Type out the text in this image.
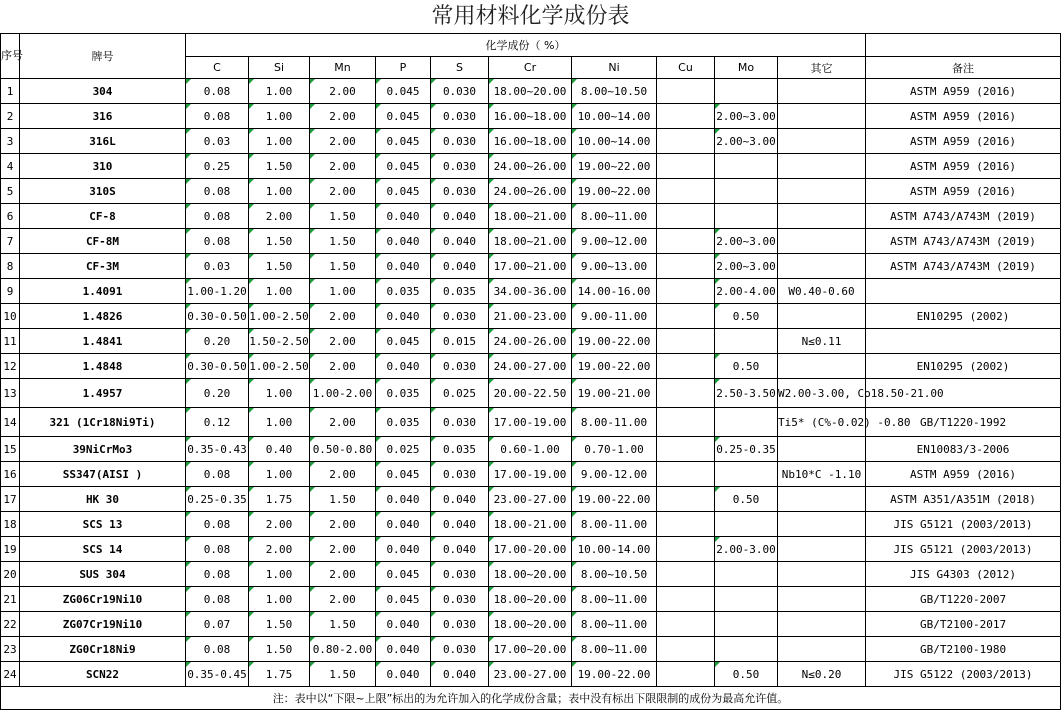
常用材料化学成份表
序号	牌号	化学成份（ %）										
		C	Si	Mn	P	S	Cr	Ni	Cu	Mo	其它	备注
1	304	0.08	1.00	2.00	0.045	0.030	18.00~20.00	8.00~10.50				ASTM A959 (2016)
2	316	0.08	1.00	2.00	0.045	0.030	16.00~18.00	10.00~14.00		2.00~3.00		ASTM A959 (2016)
3	316L	0.03	1.00	2.00	0.045	0.030	16.00~18.00	10.00~14.00		2.00~3.00		ASTM A959 (2016)
4	310	0.25	1.50	2.00	0.045	0.030	24.00~26.00	19.00~22.00				ASTM A959 (2016)
5	310S	0.08	1.00	2.00	0.045	0.030	24.00~26.00	19.00~22.00				ASTM A959 (2016)
6	CF-8	0.08	2.00	1.50	0.040	0.040	18.00~21.00	8.00~11.00				ASTM A743/A743M (2019)
7	CF-8M	0.08	1.50	1.50	0.040	0.040	18.00~21.00	9.00~12.00		2.00~3.00		ASTM A743/A743M (2019)
8	CF-3M	0.03	1.50	1.50	0.040	0.040	17.00~21.00	9.00~13.00		2.00~3.00		ASTM A743/A743M (2019)
9	1.4091	1.00-1.20	1.00	1.00	0.035	0.035	34.00-36.00	14.00-16.00		2.00-4.00	W0.40-0.60	
10	1.4826	0.30-0.50	1.00-2.50	2.00	0.040	0.030	21.00-23.00	9.00-11.00		0.50		EN10295 (2002)
11	1.4841	0.20	1.50-2.50	2.00	0.045	0.015	24.00-26.00	19.00-22.00			N≤0.11	
12	1.4848	0.30-0.50	1.00-2.50	2.00	0.040	0.030	24.00-27.00	19.00-22.00		0.50		EN10295 (2002)
13	1.4957	0.20	1.00	1.00-2.00	0.035	0.025	20.00-22.50	19.00-21.00		2.50-3.50	W2.00-3.00, Co18.50-21.00	
14	321 (1Cr18Ni9Ti)	0.12	1.00	2.00	0.035	0.030	17.00-19.00	8.00-11.00			Ti5* (C%-0.02) -0.80	GB/T1220-1992
15	39NiCrMo3	0.35-0.43	0.40	0.50-0.80	0.025	0.035	0.60-1.00	0.70-1.00		0.25-0.35		EN10083/3-2006
16	SS347(AISI )	0.08	1.00	2.00	0.045	0.030	17.00-19.00	9.00-12.00			Nb10*C -1.10	ASTM A959 (2016)
17	HK 30	0.25-0.35	1.75	1.50	0.040	0.040	23.00-27.00	19.00-22.00		0.50		ASTM A351/A351M (2018)
18	SCS 13	0.08	2.00	2.00	0.040	0.040	18.00-21.00	8.00-11.00				JIS G5121 (2003/2013)
19	SCS 14	0.08	2.00	2.00	0.040	0.040	17.00-20.00	10.00-14.00		2.00-3.00		JIS G5121 (2003/2013)
20	SUS 304	0.08	1.00	2.00	0.045	0.030	18.00~20.00	8.00~10.50				JIS G4303 (2012)
21	ZG06Cr19Ni10	0.08	1.00	2.00	0.045	0.030	18.00~20.00	8.00~11.00				GB/T1220-2007
22	ZG07Cr19Ni10	0.07	1.50	1.50	0.040	0.030	18.00~20.00	8.00~11.00				GB/T2100-2017
23	ZG0Cr18Ni9	0.08	1.50	0.80-2.00	0.040	0.030	17.00~20.00	8.00~11.00				GB/T2100-1980
24	SCN22	0.35-0.45	1.75	1.50	0.040	0.040	23.00-27.00	19.00-22.00		0.50	N≤0.20	JIS G5122 (2003/2013)
注：表中以“下限~上限”标出的为允许加入的化学成份含量；表中没有标出下限限制的成份为最高允许值。												
